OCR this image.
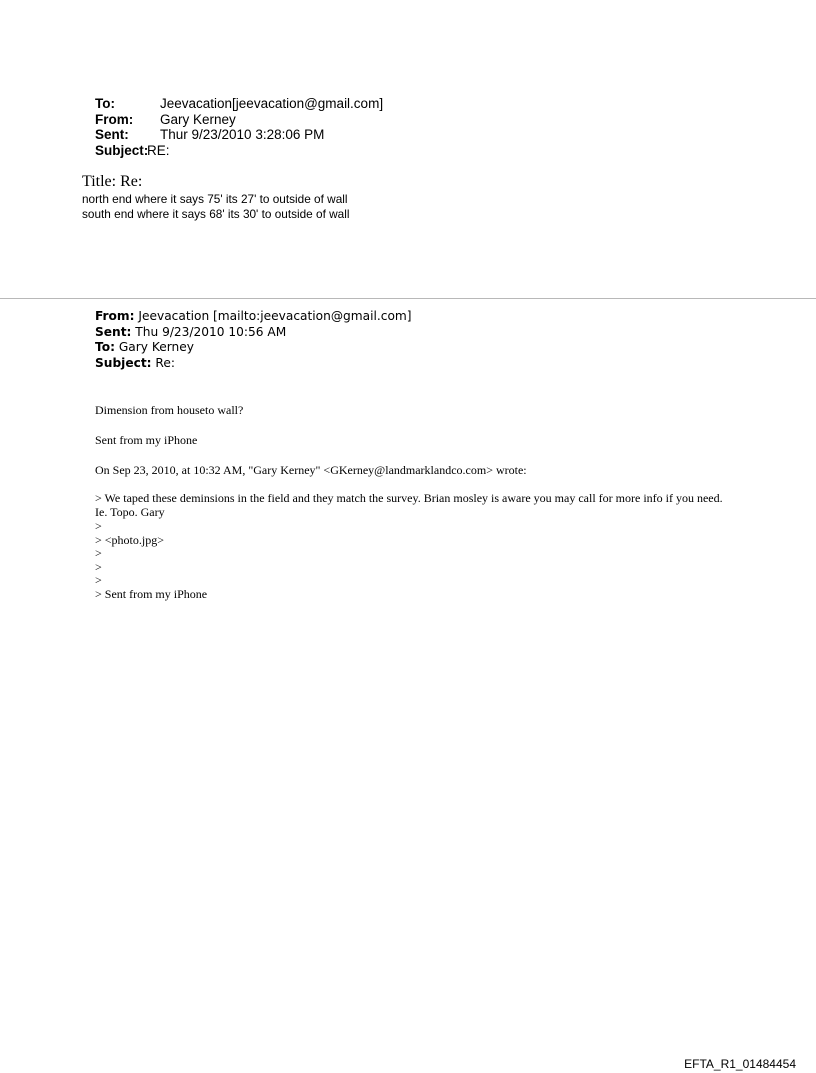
To:	Jeevacation[jeevacation@gmail.com]
From:	Gary Kerney
Sent:	Thur 9/23/2010 3:28:06 PM
Subject:
RE:
Title: Re:
north end where it says 75' its 27' to outside of wall
south end where it says 68' its 30' to outside of wall
From: Jeevacation [mailto:jeevacation@gmail.com]
Sent: Thu 9/23/2010 10:56 AM
To: Gary Kerney
Subject: Re:
Dimension from houseto wall?
Sent from my iPhone
On Sep 23, 2010, at 10:32 AM, "Gary Kerney" <GKerney@landmarklandco.com> wrote:
> We taped these deminsions in the field and they match the survey. Brian mosley is aware you may call for more info if you need. Ie. Topo. Gary
>
> <photo.jpg>
>
>
>
> Sent from my iPhone
EFTA_R1_01484454
